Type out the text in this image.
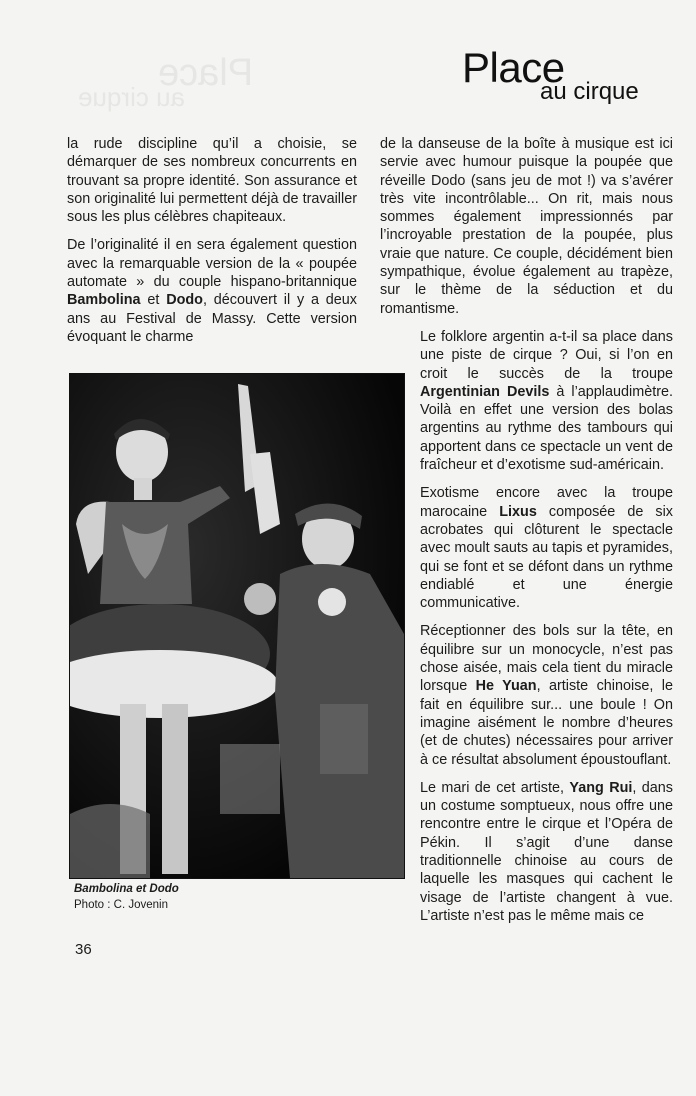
Place
au cirque
Place
au cirque

la rude discipline qu’il a choisie, se démarquer de ses nombreux concurrents en trouvant sa propre identité. Son assurance et son originalité lui permettent déjà de travailler sous les plus célèbres chapiteaux.

De l’originalité il en sera également question avec la remarquable version de la « poupée automate » du couple hispano-britannique Bambolina et Dodo, découvert il y a deux ans au Festival de Massy. Cette version évoquant le charme

Bambolina et Dodo
Photo : C. Jovenin

de la danseuse de la boîte à musique est ici servie avec humour puisque la poupée que réveille Dodo (sans jeu de mot !) va s’avérer très vite incontrôlable... On rit, mais nous sommes également impressionnés par l’incroyable prestation de la poupée, plus vraie que nature. Ce couple, décidément bien sympathique, évolue également au trapèze, sur le thème de la séduction et du romantisme.

Le folklore argentin a-t-il sa place dans une piste de cirque ? Oui, si l’on en croit le succès de la troupe Argentinian Devils à l’applaudimètre. Voilà en effet une version des bolas argentins au rythme des tambours qui apportent dans ce spectacle un vent de fraîcheur et d’exotisme sud-américain.

Exotisme encore avec la troupe marocaine Lixus composée de six acrobates qui clôturent le spectacle avec moult sauts au tapis et pyramides, qui se font et se défont dans un rythme endiablé et une énergie communicative.

Réceptionner des bols sur la tête, en équilibre sur un monocycle, n’est pas chose aisée, mais cela tient du miracle lorsque He Yuan, artiste chinoise, le fait en équilibre sur... une boule ! On imagine aisément le nombre d’heures (et de chutes) nécessaires pour arriver à ce résultat absolument époustouflant.

Le mari de cet artiste, Yang Rui, dans un costume somptueux, nous offre une rencontre entre le cirque et l’Opéra de Pékin. Il s’agit d’une danse traditionnelle chinoise au cours de laquelle les masques qui cachent le visage de l’artiste changent à vue. L’artiste n’est pas le même mais ce

36
